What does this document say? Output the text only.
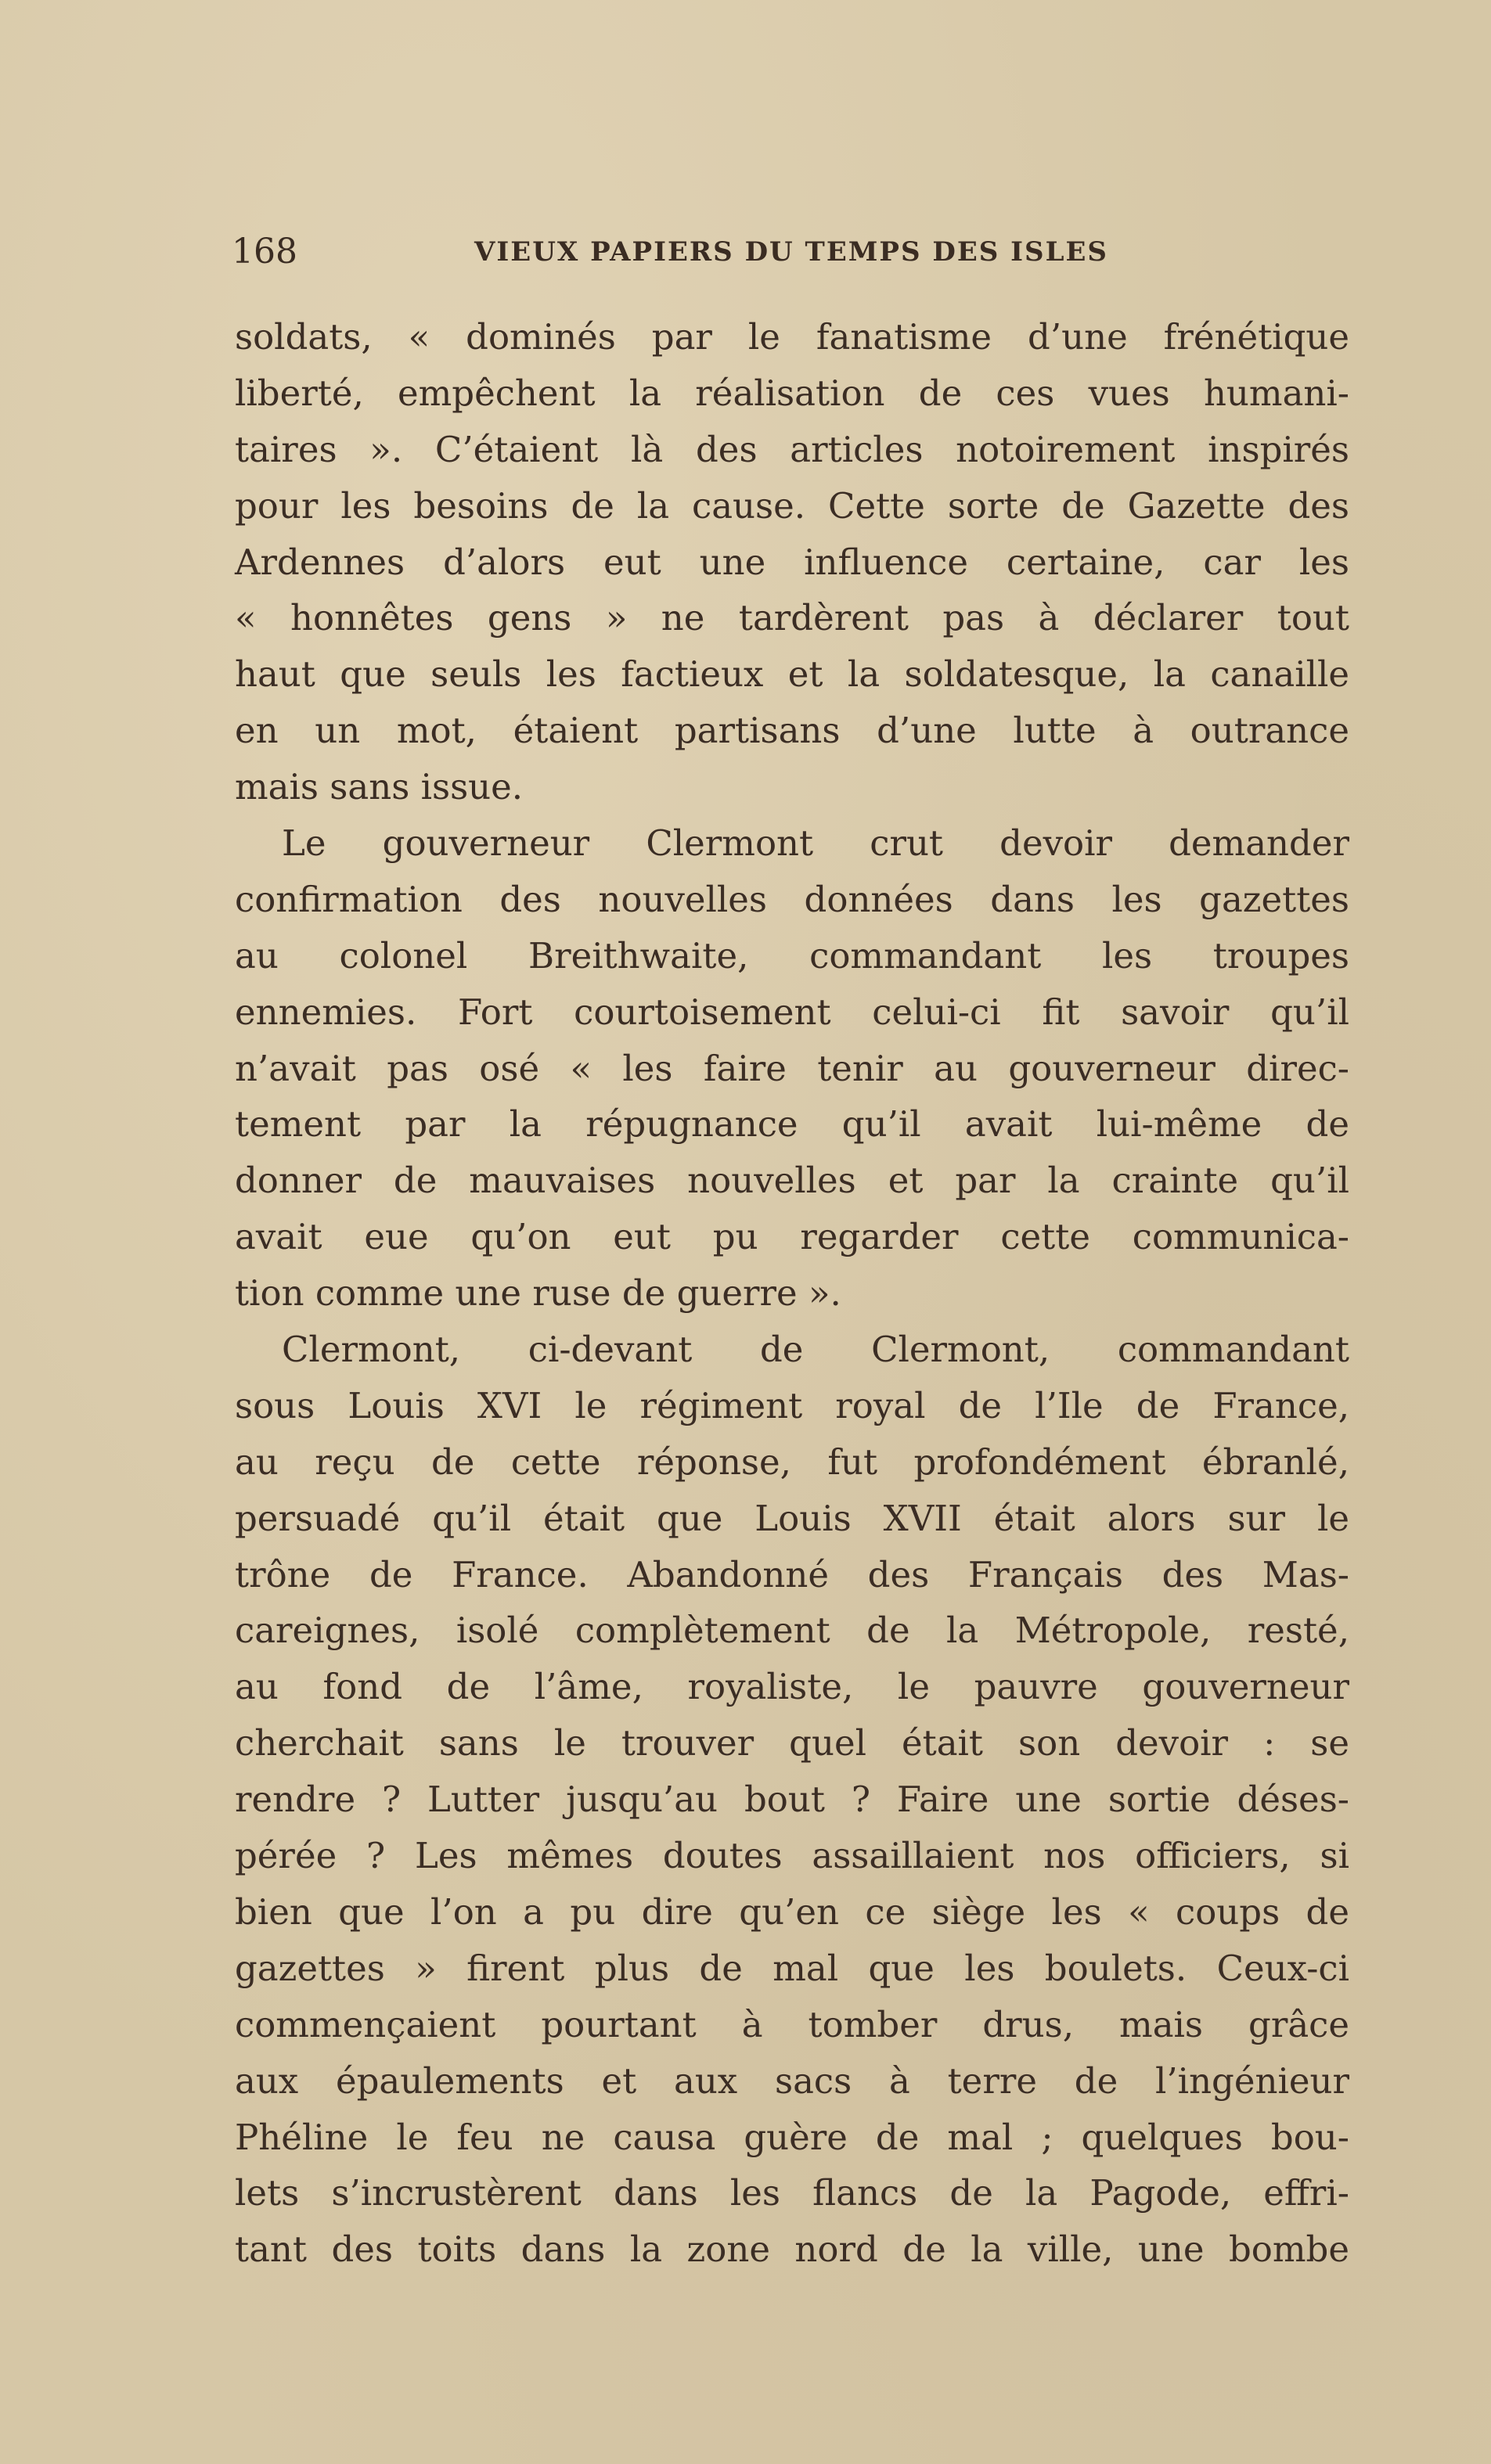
168	VIEUX PAPIERS DU TEMPS DES ISLES
soldats, « dominés par le fanatisme d’une frénétique
liberté, empêchent la réalisation de ces vues humani-
taires ». C’étaient là des articles notoirement inspirés
pour les besoins de la cause. Cette sorte de Gazette des
Ardennes d’alors eut une influence certaine, car les
« honnêtes gens » ne tardèrent pas à déclarer tout
haut que seuls les factieux et la soldatesque, la canaille
en un mot, étaient partisans d’une lutte à outrance
mais sans issue.
Le gouverneur Clermont crut devoir demander
confirmation des nouvelles données dans les gazettes
au colonel Breithwaite, commandant les troupes
ennemies. Fort courtoisement celui-ci fit savoir qu’il
n’avait pas osé « les faire tenir au gouverneur direc-
tement par la répugnance qu’il avait lui-même de
donner de mauvaises nouvelles et par la crainte qu’il
avait eue qu’on eut pu regarder cette communica-
tion comme une ruse de guerre ».
Clermont, ci-devant de Clermont, commandant
sous Louis XVI le régiment royal de l’Ile de France,
au reçu de cette réponse, fut profondément ébranlé,
persuadé qu’il était que Louis XVII était alors sur le
trône de France. Abandonné des Français des Mas-
careignes, isolé complètement de la Métropole, resté,
au fond de l’âme, royaliste, le pauvre gouverneur
cherchait sans le trouver quel était son devoir : se
rendre ? Lutter jusqu’au bout ? Faire une sortie déses-
pérée ? Les mêmes doutes assaillaient nos officiers, si
bien que l’on a pu dire qu’en ce siège les « coups de
gazettes » firent plus de mal que les boulets. Ceux-ci
commençaient pourtant à tomber drus, mais grâce
aux épaulements et aux sacs à terre de l’ingénieur
Phéline le feu ne causa guère de mal ; quelques bou-
lets s’incrustèrent dans les flancs de la Pagode, effri-
tant des toits dans la zone nord de la ville, une bombe
